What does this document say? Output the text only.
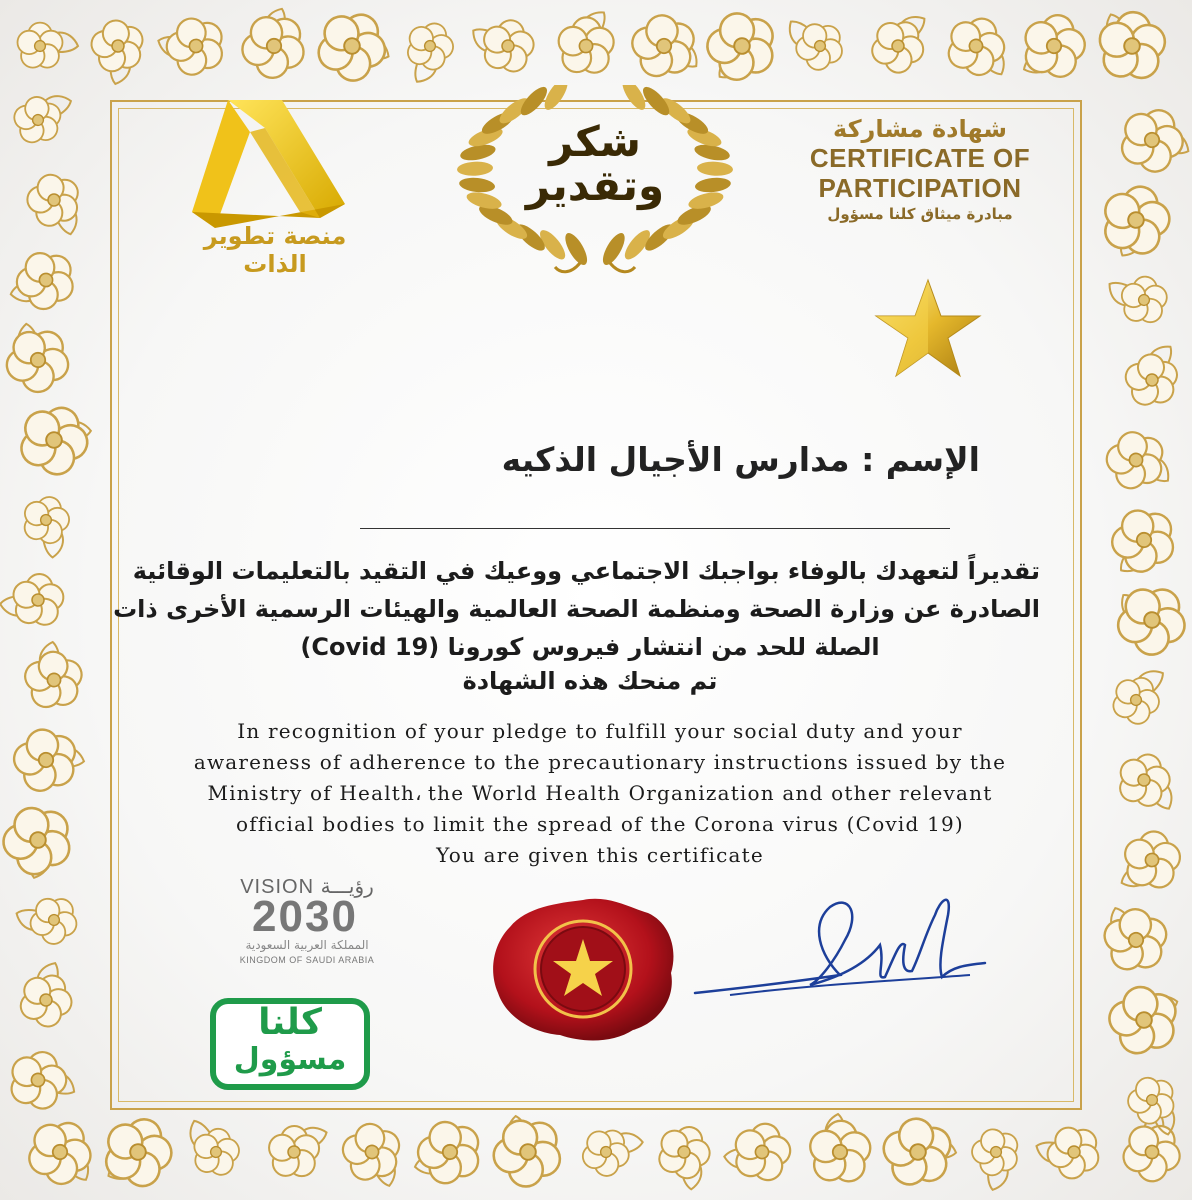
منصة تطوير الذات
شكر
وتقدير
شهادة مشاركة
CERTIFICATE OF
PARTICIPATION
مبادرة ميثاق كلنا مسؤول
الإسم : مدارس الأجيال الذكيه
تقديراً لتعهدك بالوفاء بواجبك الاجتماعي ووعيك في التقيد بالتعليمات الوقائية
الصادرة عن وزارة الصحة ومنظمة الصحة العالمية والهيئات الرسمية الأخرى ذات
الصلة للحد من انتشار فيروس كورونا (Covid 19)
تم منحك هذه الشهادة
In recognition of your pledge to fulfill your social duty and your
awareness of adherence to the precautionary instructions issued by the
Ministry of Health، the World Health Organization and other relevant
official bodies to limit the spread of the Corona virus (Covid 19)
You are given this certificate
VISION رؤيـــة
2030
المملكة العربية السعودية
KINGDOM OF SAUDI ARABIA
كلنا
مسؤول
